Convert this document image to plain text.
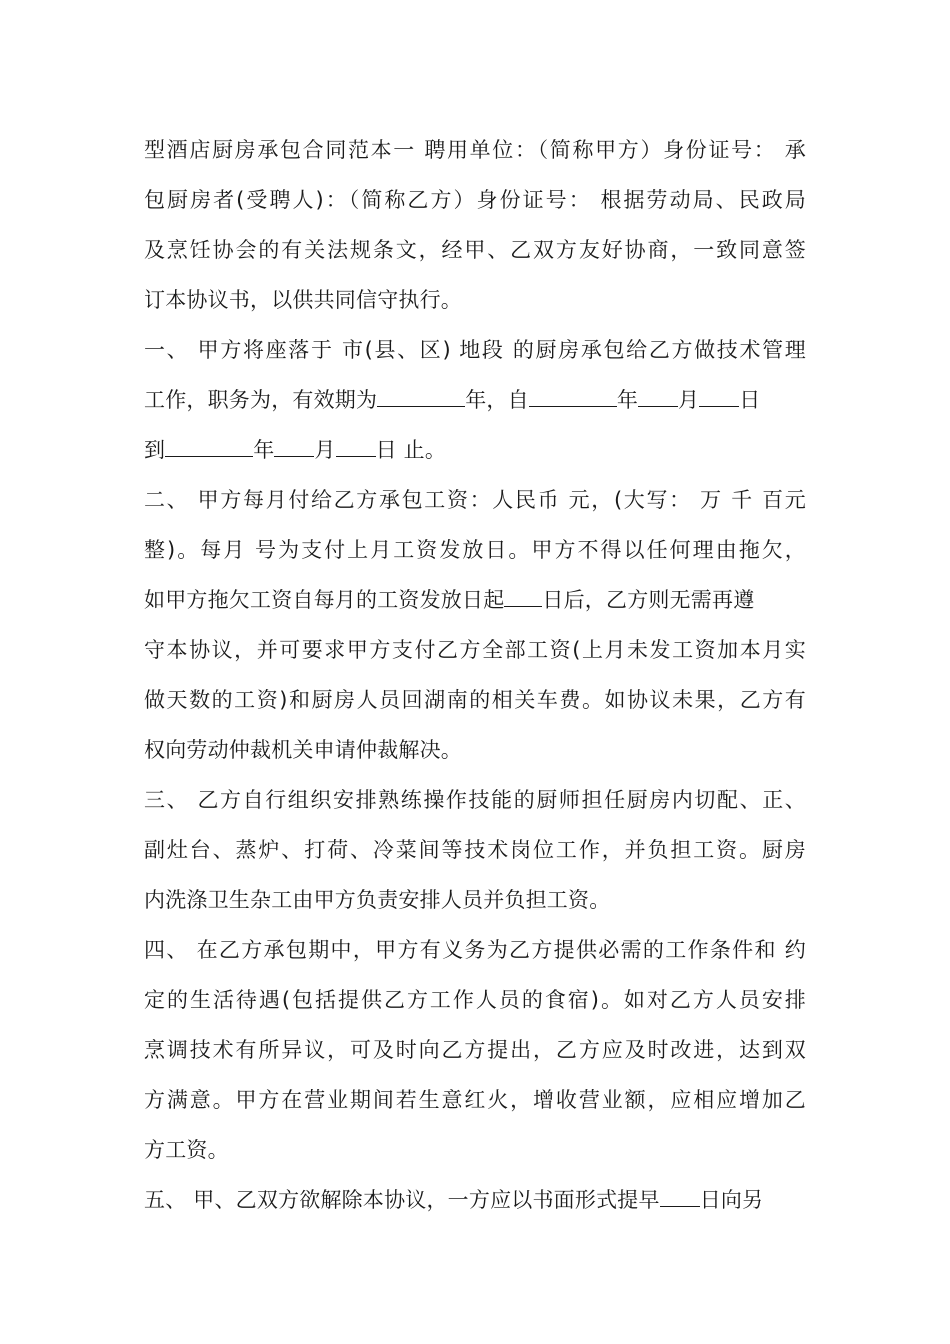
型酒店厨房承包合同范本一 聘用单位：（简称甲方）身份证号： 承
包厨房者(受聘人)：（简称乙方）身份证号： 根据劳动局、民政局
及烹饪协会的有关法规条文，经甲、乙双方友好协商，一致同意签
订本协议书，以供共同信守执行。
一、 甲方将座落于 市(县、区) 地段 的厨房承包给乙方做技术管理
工作，职务为，有效期为	年，自	年 月 日
到	年 月 日 止。
二、 甲方每月付给乙方承包工资：人民币 元，(大写： 万 千 百元
整)。每月 号为支付上月工资发放日。甲方不得以任何理由拖欠，
如甲方拖欠工资自每月的工资发放日起 日后，乙方则无需再遵
守本协议，并可要求甲方支付乙方全部工资(上月未发工资加本月实
做天数的工资)和厨房人员回湖南的相关车费。如协议未果，乙方有
权向劳动仲裁机关申请仲裁解决。
三、 乙方自行组织安排熟练操作技能的厨师担任厨房内切配、正、
副灶台、蒸炉、打荷、冷菜间等技术岗位工作，并负担工资。厨房
内洗涤卫生杂工由甲方负责安排人员并负担工资。
四、 在乙方承包期中，甲方有义务为乙方提供必需的工作条件和 约
定的生活待遇(包括提供乙方工作人员的食宿)。如对乙方人员安排
烹调技术有所异议，可及时向乙方提出，乙方应及时改进，达到双
方满意。甲方在营业期间若生意红火，增收营业额，应相应增加乙
方工资。
五、 甲、乙双方欲解除本协议，一方应以书面形式提早 日向另
